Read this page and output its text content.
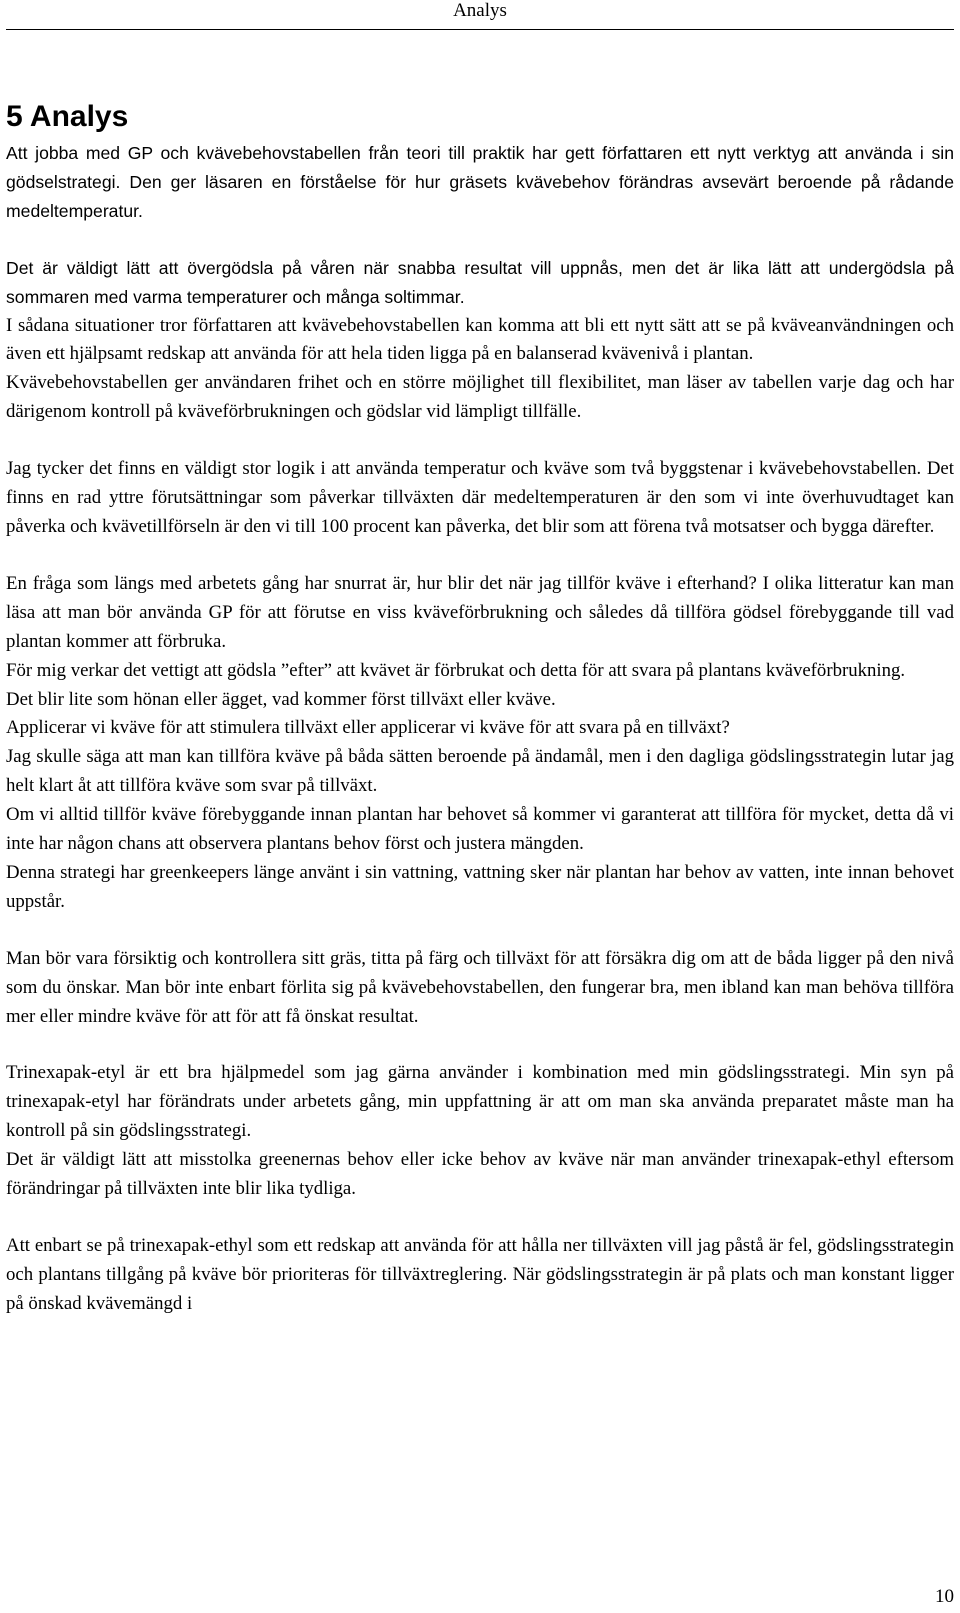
Analys
5 Analys

Att jobba med GP och kvävebehovstabellen från teori till praktik har gett författaren ett nytt verktyg att använda i sin gödselstrategi. Den ger läsaren en förståelse för hur gräsets kvävebehov förändras avsevärt beroende på rådande medeltemperatur.

Det är väldigt lätt att övergödsla på våren när snabba resultat vill uppnås, men det är lika lätt att undergödsla på sommaren med varma temperaturer och många soltimmar.

I sådana situationer tror författaren att kvävebehovstabellen kan komma att bli ett nytt sätt att se på kväveanvändningen och även ett hjälpsamt redskap att använda för att hela tiden ligga på en balanserad kvävenivå i plantan.

Kvävebehovstabellen ger användaren frihet och en större möjlighet till flexibilitet, man läser av tabellen varje dag och har därigenom kontroll på kväveförbrukningen och gödslar vid lämpligt tillfälle.

Jag tycker det finns en väldigt stor logik i att använda temperatur och kväve som två byggstenar i kvävebehovstabellen. Det finns en rad yttre förutsättningar som påverkar tillväxten där medeltemperaturen är den som vi inte överhuvudtaget kan påverka och kvävetillförseln är den vi till 100 procent kan påverka, det blir som att förena två motsatser och bygga därefter.

En fråga som längs med arbetets gång har snurrat är, hur blir det när jag tillför kväve i efterhand? I olika litteratur kan man läsa att man bör använda GP för att förutse en viss kväveförbrukning och således då tillföra gödsel förebyggande till vad plantan kommer att förbruka.

För mig verkar det vettigt att gödsla ”efter” att kvävet är förbrukat och detta för att svara på plantans kväveförbrukning.

Det blir lite som hönan eller ägget, vad kommer först tillväxt eller kväve.

Applicerar vi kväve för att stimulera tillväxt eller applicerar vi kväve för att svara på en tillväxt?

Jag skulle säga att man kan tillföra kväve på båda sätten beroende på ändamål, men i den dagliga gödslingsstrategin lutar jag helt klart åt att tillföra kväve som svar på tillväxt.

Om vi alltid tillför kväve förebyggande innan plantan har behovet så kommer vi garanterat att tillföra för mycket, detta då vi inte har någon chans att observera plantans behov först och justera mängden.

Denna strategi har greenkeepers länge använt i sin vattning, vattning sker när plantan har behov av vatten, inte innan behovet uppstår.

Man bör vara försiktig och kontrollera sitt gräs, titta på färg och tillväxt för att försäkra dig om att de båda ligger på den nivå som du önskar. Man bör inte enbart förlita sig på kvävebehovstabellen, den fungerar bra, men ibland kan man behöva tillföra mer eller mindre kväve för att för att få önskat resultat.

Trinexapak-etyl är ett bra hjälpmedel som jag gärna använder i kombination med min gödslingsstrategi. Min syn på trinexapak-etyl har förändrats under arbetets gång, min uppfattning är att om man ska använda preparatet måste man ha kontroll på sin gödslingsstrategi.

Det är väldigt lätt att misstolka greenernas behov eller icke behov av kväve när man använder trinexapak-ethyl eftersom förändringar på tillväxten inte blir lika tydliga.

Att enbart se på trinexapak-ethyl som ett redskap att använda för att hålla ner tillväxten vill jag påstå är fel, gödslingsstrategin och plantans tillgång på kväve bör prioriteras för tillväxtreglering. När gödslingsstrategin är på plats och man konstant ligger på önskad kvävemängd i

10
